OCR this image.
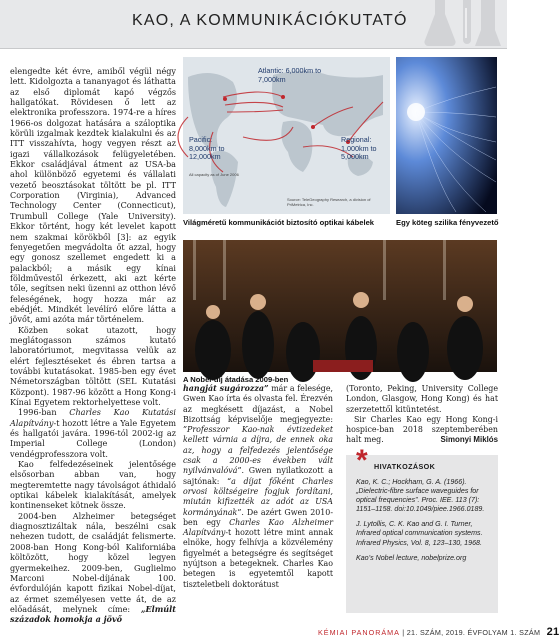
KAO, A KOMMUNIKÁCIÓKUTATÓ

elengedte két évre, amiből végül négy lett. Kidolgozta a tananyagot és láthatta az első diplomát kapó végzős hallgatókat. Rövidesen ő lett az elektronika professzora. 1974-re a híres 1966-os dolgozat hatására a száloptika körüli izgalmak kezdtek kialakulni és az ITT visszahívta, hogy vegyen részt az igazi vállalkozások felügyeletében. Ekkor családjával átment az USA-ba ahol különböző egyetemi és vállalati vezető beosztásokat töltött be pl. ITT Corporation (Virginia), Advanced Technology Center (Connecticut), Trumbull College (Yale University). Ekkor történt, hogy két levelet kapott nem szakmai körökből [3]: az egyik fenyegetően megvádolta őt azzal, hogy egy gonosz szellemet engedett ki a palackból; a másik egy kínai földművestől érkezett, aki azt kérte tőle, segítsen neki üzenni az otthon lévő feleségének, hogy hozza már az ebédjét. Mindkét levélíró előre látta a jövőt, ami azóta már történelem.

Közben sokat utazott, hogy meglátogasson számos kutató laboratóriumot, megvitassa velük az elért fejlesztéseket és ébren tartsa a további kutatásokat. 1985-ben egy évet Németországban töltött (SEL Kutatási Központ). 1987-96 között a Hong Kong-i Kínai Egyetem rektorhelyettese volt.

1996-ban Charles Kao Kutatási Alapítvány-t hozott létre a Yale Egyetem és hallgatói javára. 1996-tól 2002-ig az Imperial College (London) vendégprofesszora volt.

Kao felfedezéseinek jelentősége elsősorban abban van, hogy megteremtette nagy távolságot áthidaló optikai kábelek kialakítását, amelyek kontinenseket kötnek össze.

2004-ben Alzheimer betegséget diagnosztizáltak nála, beszélni csak nehezen tudott, de családját felismerte. 2008-ban Hong Kong-ból Kaliforniába költözött, hogy közel legyen gyermekeihez. 2009-ben, Guglielmo Marconi Nobel-díjának 100. évfordulóján kapott fizikai Nobel-díjat, az érmet személyesen vette át, de az előadását, melynek címe: „Elmúlt századok homokja a jövő

Atlantic: 6,000km to 7,000km
Pacific: 8,000km to 12,000km
Regional: 1,000km to 5,000km
Source: TeleGeography Research, a division of PriMetrica, Inc.
All capacity as of June 2006
Világméretű kommunikációt biztosító optikai kábelek	Egy köteg szilika fényvezető
A Nobel-díj átadása 2009-ben

hangját sugározza” már a felesége, Gwen Kao írta és olvasta fel. Érezvén az megkésett díjazást, a Nobel Bizottság képviselője megjegyezte: ”Professzor Kao-nak évtizedeket kellett várnia a díjra, de ennek oka az, hogy a felfedezés jelentősége csak a 2000-es években vált nyilvánvalóvá”. Gwen nyilatkozott a sajtónak: “a díjat főként Charles orvosi költségeire fogjuk fordítani, miután kifizették az adót az USA kormányának”. De azért Gwen 2010-ben egy Charles Kao Alzheimer Alapítvány-t hozott létre mint annak elnöke, hogy felhívja a közvélemény figyelmét a betegségre és segítséget nyújtson a betegeknek. Charles Kao betegen is egyetemtől kapott tiszteletbeli doktorátust

(Toronto, Peking, University College London, Glasgow, Hong Kong) és hat szerzetettől kitüntetést.

Sir Charles Kao egy Hong Kong-i hospice-ban 2018 szeptemberében halt meg.	Simonyi Miklós

* HIVATKOZÁSOK

Kao, K. C.; Hockham, G. A. (1966). „Dielectric-fibre surface waveguides for optical frequencies”. Proc. IEE. 113 (7): 1151–1158. doi:10.1049/piee.1966.0189.

J. Lytollis, C. K. Kao and G. I. Turner, Infrared optical communication systems. Infrared Physics, Vol. 8, 123–130, 1968.

Kao’s Nobel lecture, nobelprize.org

KÉMIAI PANORÁMA | 21. SZÁM, 2019. ÉVFOLYAM 1. SZÁM 21
